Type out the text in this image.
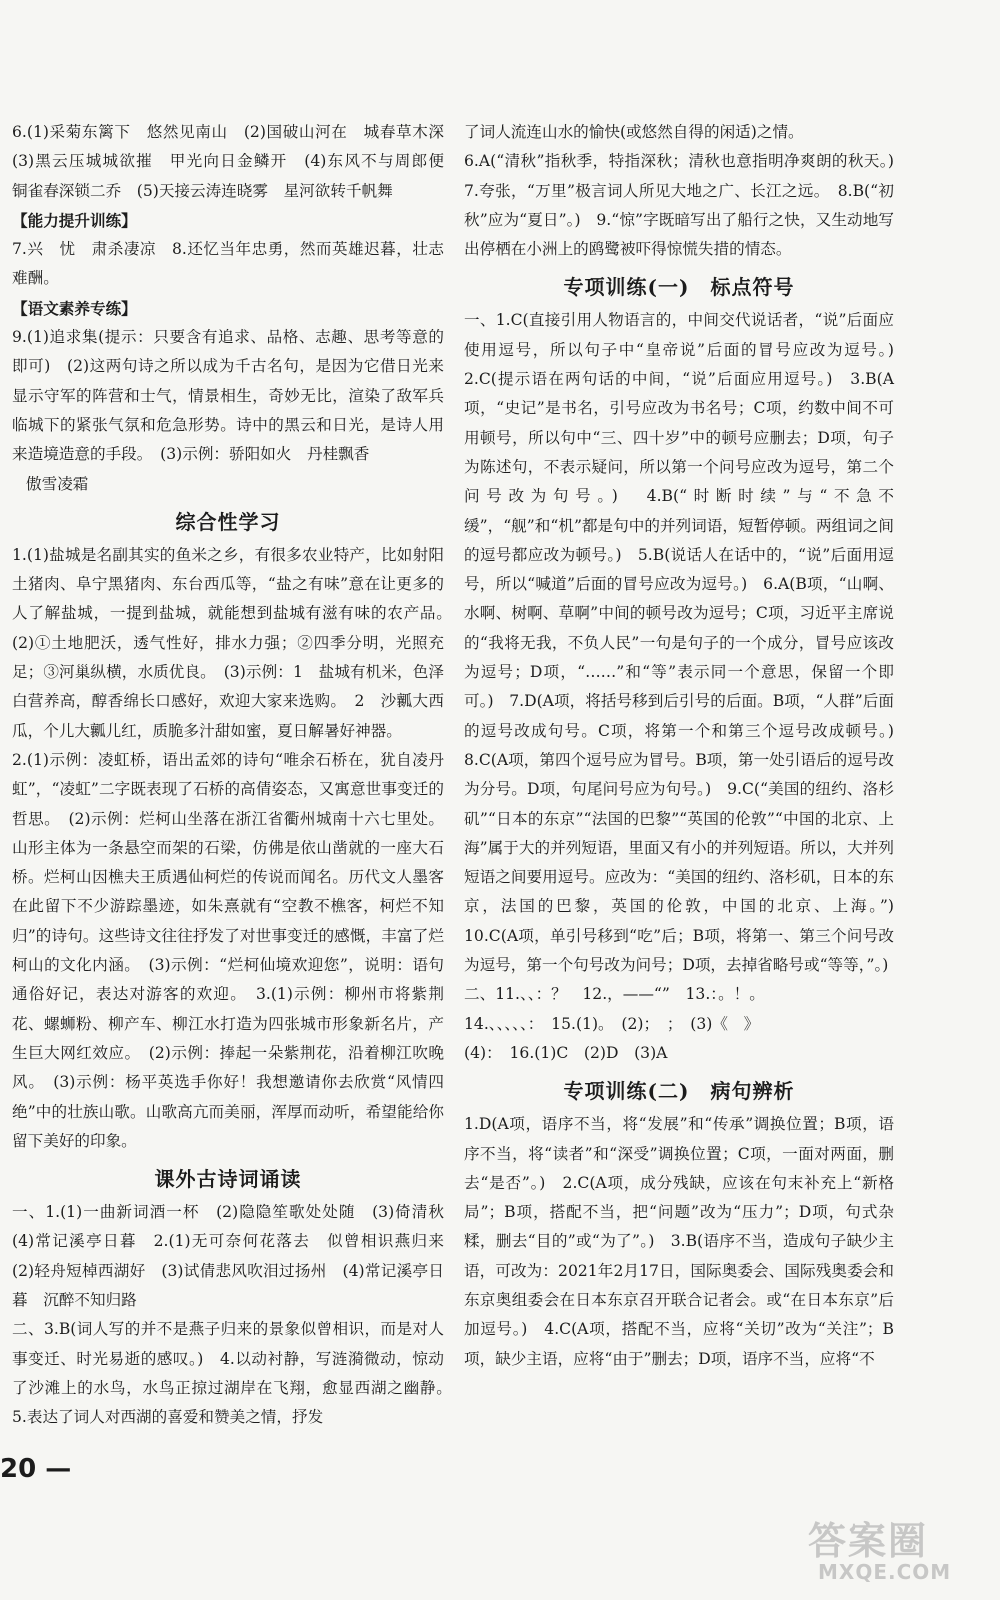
6.(1)采菊东篱下　悠然见南山　(2)国破山河在　城春草木深　(3)黑云压城城欲摧　甲光向日金鳞开　(4)东风不与周郎便　铜雀春深锁二乔　(5)天接云涛连晓雾　星河欲转千帆舞

【能力提升训练】

7.兴　忧　肃杀凄凉　8.还忆当年忠勇，然而英雄迟暮，壮志难酬。

【语文素养专练】

9.(1)追求集(提示：只要含有追求、品格、志趣、思考等意的即可)　(2)这两句诗之所以成为千古名句，是因为它借日光来显示守军的阵营和士气，情景相生，奇妙无比，渲染了敌军兵临城下的紧张气氛和危急形势。诗中的黑云和日光，是诗人用来造境造意的手段。　(3)示例：骄阳如火　丹桂飘香

傲雪凌霜

综合性学习

1.(1)盐城是名副其实的鱼米之乡，有很多农业特产，比如射阳土猪肉、阜宁黑猪肉、东台西瓜等，“盐之有味”意在让更多的人了解盐城，一提到盐城，就能想到盐城有滋有味的农产品。　(2)①土地肥沃，透气性好，排水力强；②四季分明，光照充足；③河巢纵横，水质优良。　(3)示例：1　盐城有机米，色泽白营养高，醇香绵长口感好，欢迎大家来选购。　2　沙瓤大西瓜，个儿大瓤儿红，质脆多汁甜如蜜，夏日解暑好神器。

2.(1)示例：凌虹桥，语出孟郊的诗句“唯余石桥在，犹自凌丹虹”，“凌虹”二字既表现了石桥的高倩姿态，又寓意世事变迁的哲思。　(2)示例：烂柯山坐落在浙江省衢州城南十六七里处。山形主体为一条悬空而架的石梁，仿佛是依山凿就的一座大石桥。烂柯山因樵夫王质遇仙柯烂的传说而闻名。历代文人墨客在此留下不少游踪墨迹，如朱熹就有“空教不樵客，柯烂不知归”的诗句。这些诗文往往抒发了对世事变迁的感慨，丰富了烂柯山的文化内涵。　(3)示例：“烂柯仙境欢迎您”，说明：语句通俗好记，表达对游客的欢迎。　3.(1)示例：柳州市将紫荆花、螺蛳粉、柳产车、柳江水打造为四张城市形象新名片，产生巨大网红效应。　(2)示例：捧起一朵紫荆花，沿着柳江吹晚风。　(3)示例：杨平英选手你好！我想邀请你去欣赏“风情四绝”中的壮族山歌。山歌高亢而美丽，浑厚而动听，希望能给你留下美好的印象。

课外古诗词诵读

一、1.(1)一曲新词酒一杯　(2)隐隐笙歌处处随　(3)倚清秋　(4)常记溪亭日暮　2.(1)无可奈何花落去　似曾相识燕归来　(2)轻舟短棹西湖好　(3)试倩悲风吹泪过扬州　(4)常记溪亭日暮　沉醉不知归路

二、3.B(词人写的并不是燕子归来的景象似曾相识，而是对人事变迁、时光易逝的感叹。)　4.以动衬静，写涟漪微动，惊动了沙滩上的水鸟，水鸟正掠过湖岸在飞翔，愈显西湖之幽静。　5.表达了词人对西湖的喜爱和赞美之情，抒发

了词人流连山水的愉快(或悠然自得的闲适)之情。

6.A(“清秋”指秋季，特指深秋；清秋也意指明净爽朗的秋天。)　7.夸张，“万里”极言词人所见大地之广、长江之远。　8.B(“初秋”应为“夏日”。)　9.“惊”字既暗写出了船行之快，又生动地写出停栖在小洲上的鸥鹭被吓得惊慌失措的情态。

专项训练(一)　标点符号

一、1.C(直接引用人物语言的，中间交代说话者，“说”后面应使用逗号，所以句子中“皇帝说”后面的冒号应改为逗号。)　2.C(提示语在两句话的中间，“说”后面应用逗号。)　3.B(A项，“史记”是书名，引号应改为书名号；C项，约数中间不可用顿号，所以句中“三、四十岁”中的顿号应删去；D项，句子为陈述句，不表示疑问，所以第一个问号应改为逗号，第二个问号改为句号。)　4.B(“时断时续”与“不急不缓”，“舰”和“机”都是句中的并列词语，短暂停顿。两组词之间的逗号都应改为顿号。)　5.B(说话人在话中的，“说”后面用逗号，所以“喊道”后面的冒号应改为逗号。)　6.A(B项，“山啊、水啊、树啊、草啊”中间的顿号改为逗号；C项，习近平主席说的“我将无我，不负人民”一句是句子的一个成分，冒号应该改为逗号；D项，“……”和“等”表示同一个意思，保留一个即可。)　7.D(A项，将括号移到后引号的后面。B项，“人群”后面的逗号改成句号。C项，将第一个和第三个逗号改成顿号。)　8.C(A项，第四个逗号应为冒号。B项，第一处引语后的逗号改为分号。D项，句尾问号应为句号。)　9.C(“美国的纽约、洛杉矶”“日本的东京”“法国的巴黎”“英国的伦敦”“中国的北京、上海”属于大的并列短语，里面又有小的并列短语。所以，大并列短语之间要用逗号。应改为：“美国的纽约、洛杉矶，日本的东京，法国的巴黎，英国的伦敦，中国的北京、上海。”)　10.C(A项，单引号移到“吃”后；B项，将第一、第三个问号改为逗号，第一个句号改为问号；D项，去掉省略号或“等等，”。)

二、11.、、：？　12.，——“”　13.：。！。

14.、、、、、：　15.(1)。　(2)；　；　(3)《　》

(4)：　16.(1)C　(2)D　(3)A

专项训练(二)　病句辨析

1.D(A项，语序不当，将“发展”和“传承”调换位置；B项，语序不当，将“读者”和“深受”调换位置；C项，一面对两面，删去“是否”。)　2.C(A项，成分残缺，应该在句末补充上“新格局”；B项，搭配不当，把“问题”改为“压力”；D项，句式杂糅，删去“目的”或“为了”。)　3.B(语序不当，造成句子缺少主语，可改为：2021年2月17日，国际奥委会、国际残奥委会和东京奥组委会在日本东京召开联合记者会。或“在日本东京”后加逗号。)　4.C(A项，搭配不当，应将“关切”改为“关注”；B项，缺少主语，应将“由于”删去；D项，语序不当，应将“不

20 —
答案圈
MXQE.COM
